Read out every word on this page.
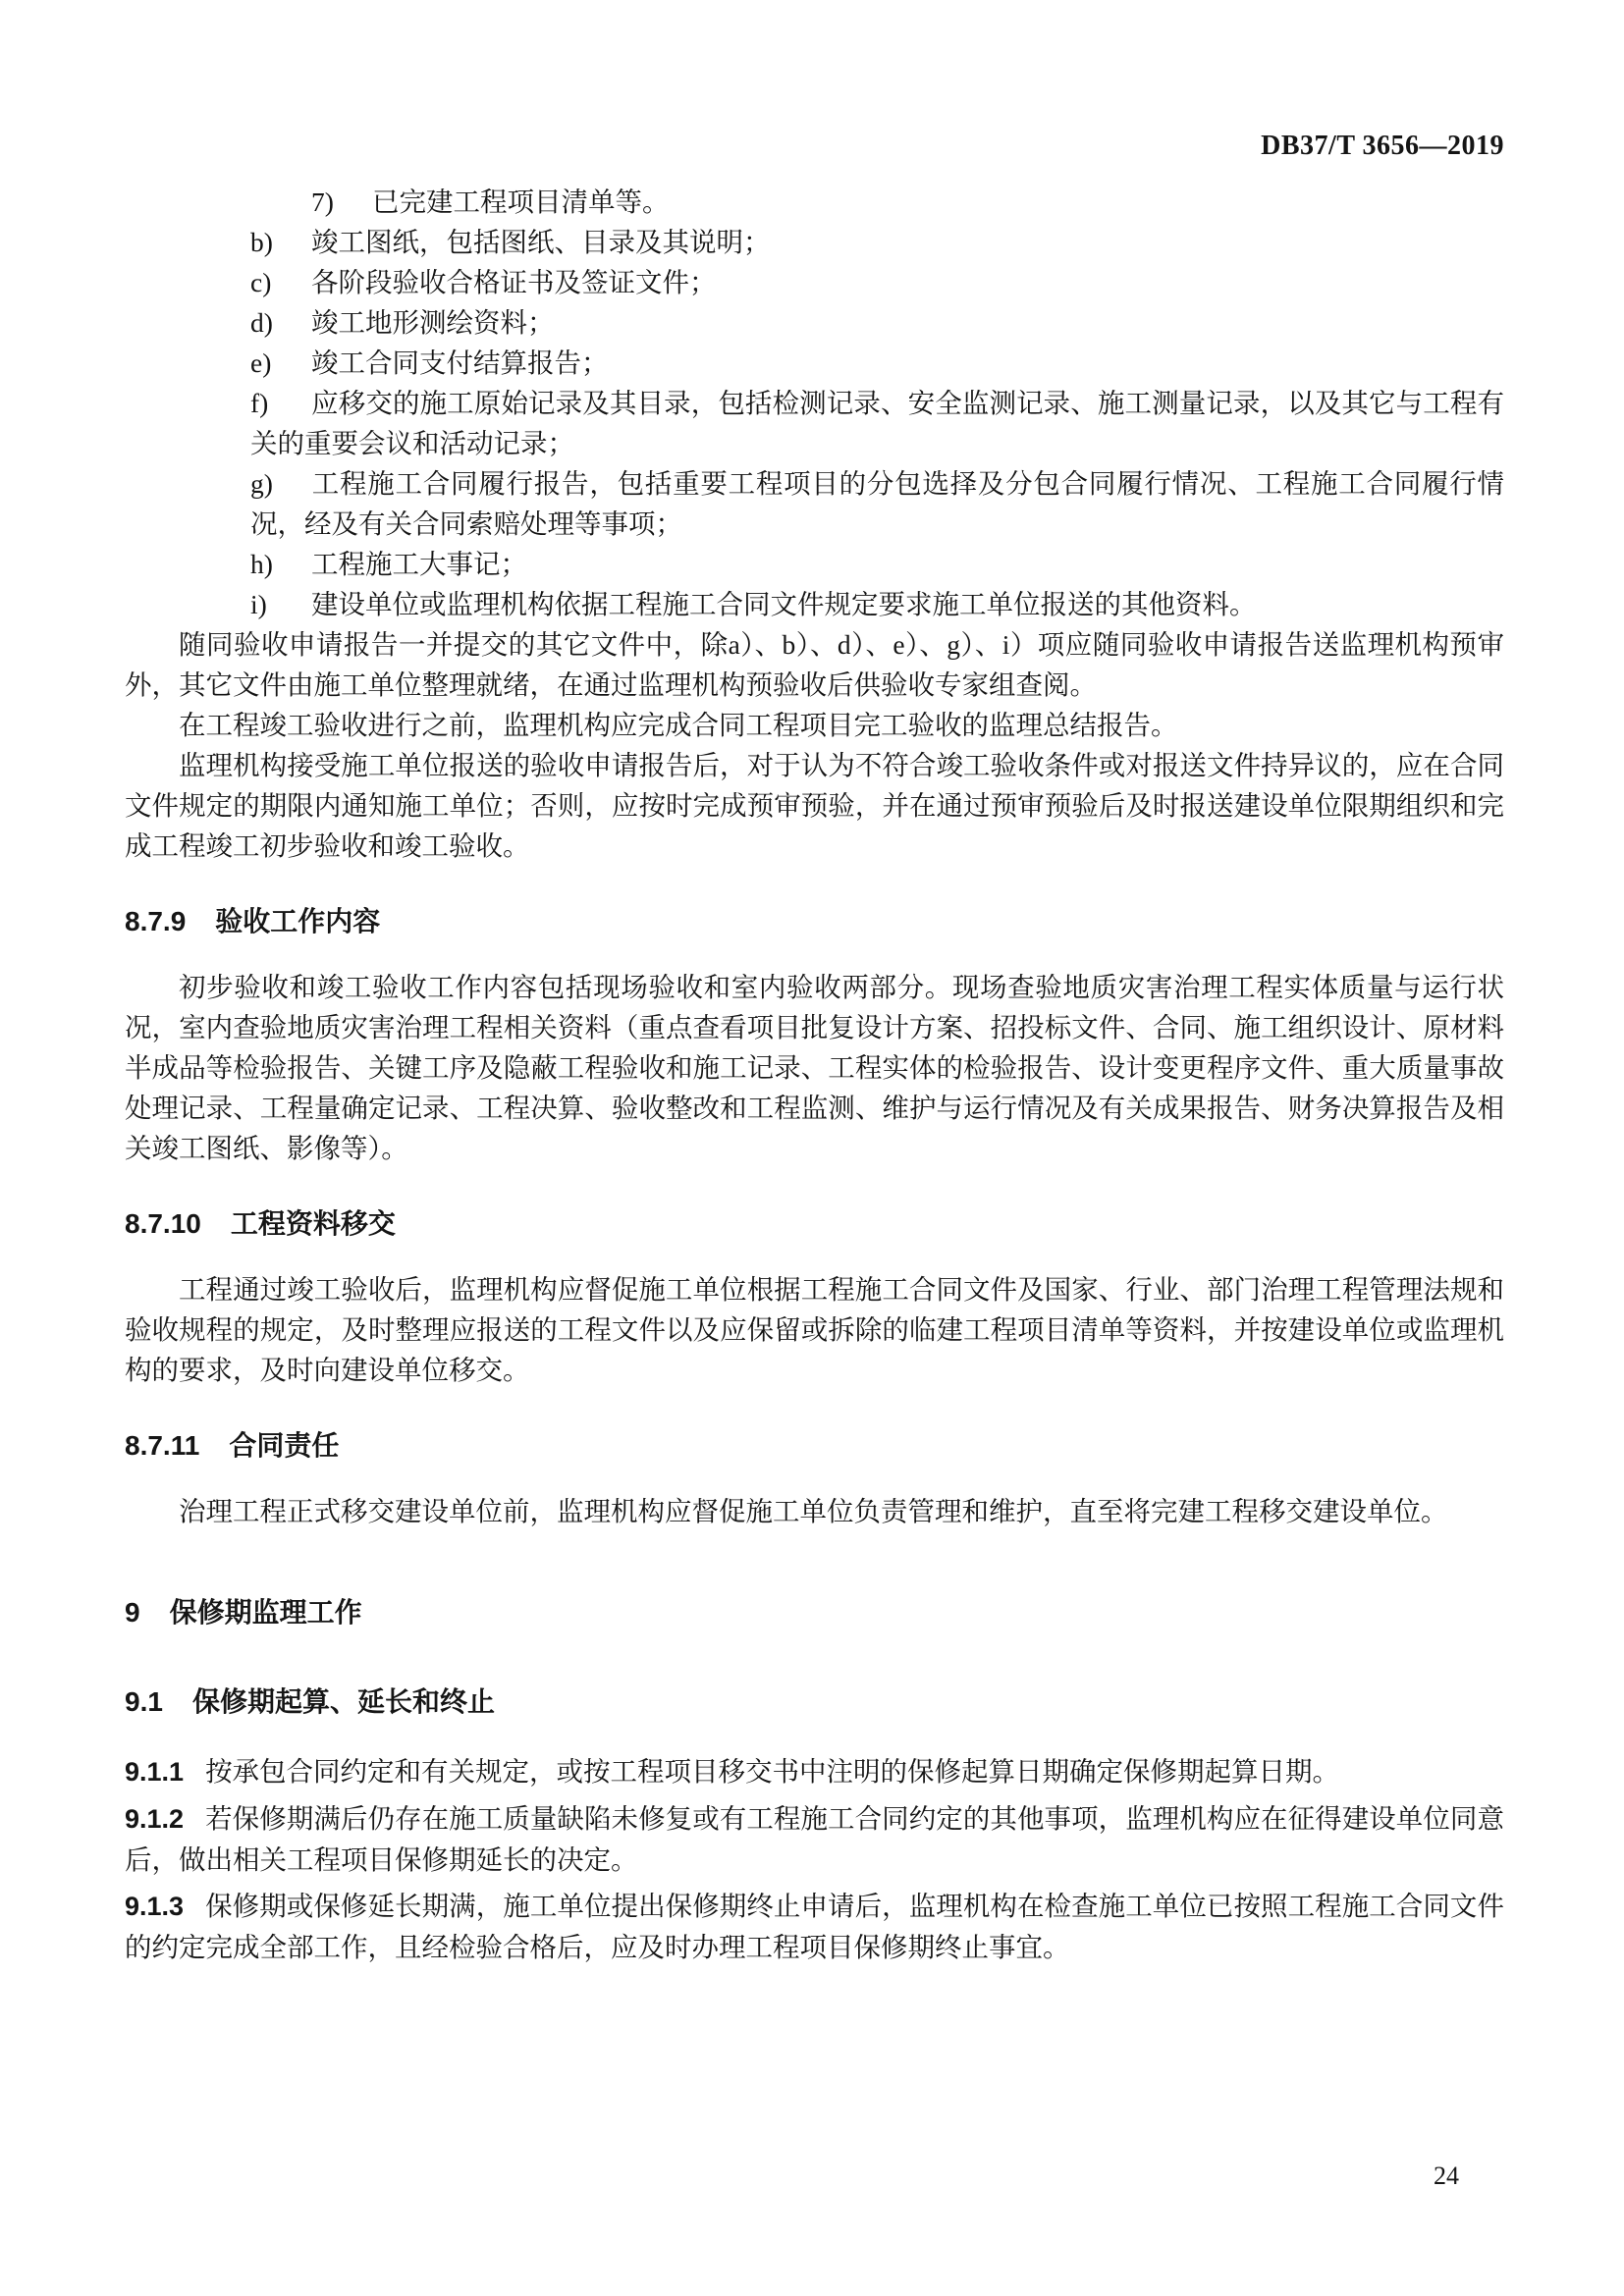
DB37/T 3656—2019
7) 已完建工程项目清单等。
b) 竣工图纸，包括图纸、目录及其说明；
c) 各阶段验收合格证书及签证文件；
d) 竣工地形测绘资料；
e) 竣工合同支付结算报告；
f) 应移交的施工原始记录及其目录，包括检测记录、安全监测记录、施工测量记录，以及其它与工程有关的重要会议和活动记录；
g) 工程施工合同履行报告，包括重要工程项目的分包选择及分包合同履行情况、工程施工合同履行情况，经及有关合同索赔处理等事项；
h) 工程施工大事记；
i) 建设单位或监理机构依据工程施工合同文件规定要求施工单位报送的其他资料。

随同验收申请报告一并提交的其它文件中，除a）、b）、d）、e）、g）、i）项应随同验收申请报告送监理机构预审外，其它文件由施工单位整理就绪，在通过监理机构预验收后供验收专家组查阅。

在工程竣工验收进行之前，监理机构应完成合同工程项目完工验收的监理总结报告。

监理机构接受施工单位报送的验收申请报告后，对于认为不符合竣工验收条件或对报送文件持异议的，应在合同文件规定的期限内通知施工单位；否则，应按时完成预审预验，并在通过预审预验后及时报送建设单位限期组织和完成工程竣工初步验收和竣工验收。

8.7.9 验收工作内容

初步验收和竣工验收工作内容包括现场验收和室内验收两部分。现场查验地质灾害治理工程实体质量与运行状况，室内查验地质灾害治理工程相关资料（重点查看项目批复设计方案、招投标文件、合同、施工组织设计、原材料半成品等检验报告、关键工序及隐蔽工程验收和施工记录、工程实体的检验报告、设计变更程序文件、重大质量事故处理记录、工程量确定记录、工程决算、验收整改和工程监测、维护与运行情况及有关成果报告、财务决算报告及相关竣工图纸、影像等）。

8.7.10 工程资料移交

工程通过竣工验收后，监理机构应督促施工单位根据工程施工合同文件及国家、行业、部门治理工程管理法规和验收规程的规定，及时整理应报送的工程文件以及应保留或拆除的临建工程项目清单等资料，并按建设单位或监理机构的要求，及时向建设单位移交。

8.7.11 合同责任

治理工程正式移交建设单位前，监理机构应督促施工单位负责管理和维护，直至将完建工程移交建设单位。

9 保修期监理工作
9.1 保修期起算、延长和终止

9.1.1 按承包合同约定和有关规定，或按工程项目移交书中注明的保修起算日期确定保修期起算日期。

9.1.2 若保修期满后仍存在施工质量缺陷未修复或有工程施工合同约定的其他事项，监理机构应在征得建设单位同意后，做出相关工程项目保修期延长的决定。

9.1.3 保修期或保修延长期满，施工单位提出保修期终止申请后，监理机构在检查施工单位已按照工程施工合同文件的约定完成全部工作，且经检验合格后，应及时办理工程项目保修期终止事宜。

24
